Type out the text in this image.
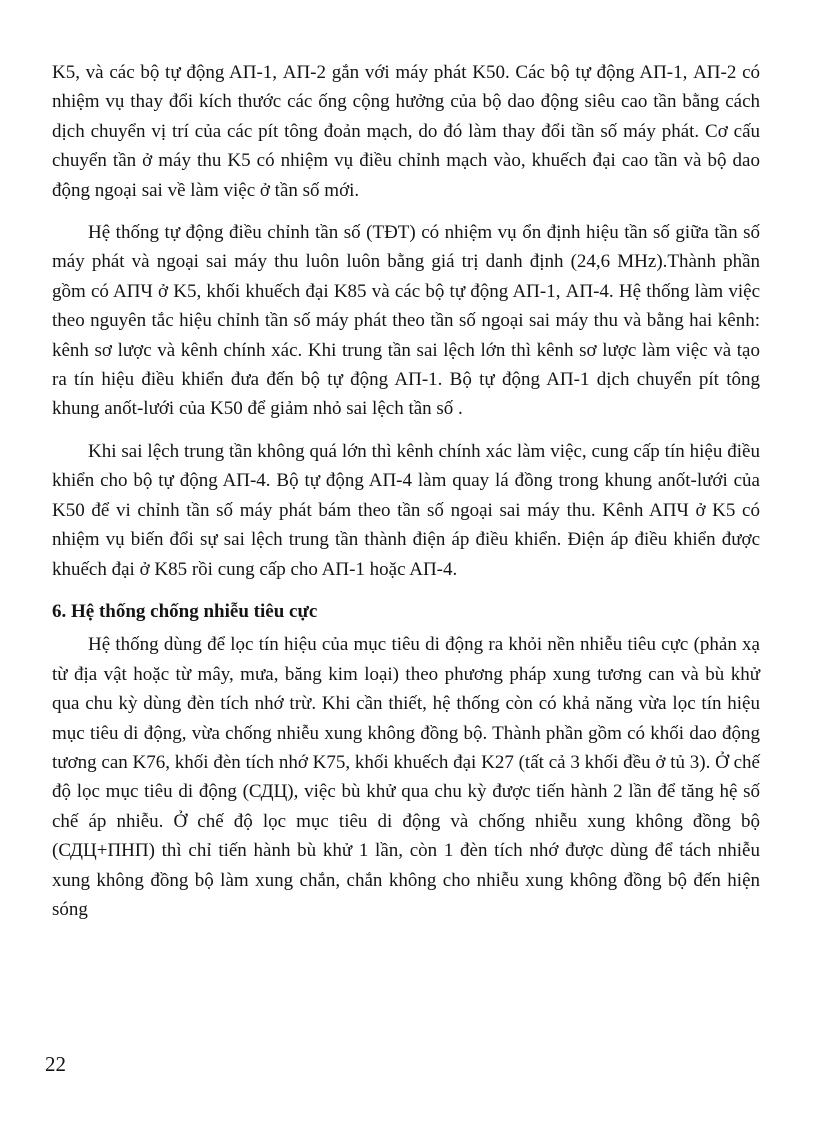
K5, và các bộ tự động AΠ-1, AΠ-2 gắn với máy phát K50. Các bộ tự động AΠ-1, AΠ-2 có nhiệm vụ thay đổi kích thước các ống cộng hưởng của bộ dao động siêu cao tần bằng cách dịch chuyển vị trí của các pít tông đoản mạch, do đó làm thay đổi tần số máy phát. Cơ cấu chuyển tần ở máy thu K5 có nhiệm vụ điều chỉnh mạch vào, khuếch đại cao tần và bộ dao động ngoại sai về làm việc ở tần số mới.

Hệ thống tự động điều chỉnh tần số (TĐT) có nhiệm vụ ổn định hiệu tần số giữa tần số máy phát và ngoại sai máy thu luôn luôn bằng giá trị danh định (24,6 MHz).Thành phần gồm có AΠЧ ở K5, khối khuếch đại K85 và các bộ tự động AΠ-1, AΠ-4. Hệ thống làm việc theo nguyên tắc hiệu chỉnh tần số máy phát theo tần số ngoại sai máy thu và bằng hai kênh: kênh sơ lược và kênh chính xác. Khi trung tần sai lệch lớn thì kênh sơ lược làm việc và tạo ra tín hiệu điều khiển đưa đến bộ tự động AΠ-1. Bộ tự động AΠ-1 dịch chuyển pít tông khung anốt-lưới của K50 để giảm nhỏ sai lệch tần số .

Khi sai lệch trung tần không quá lớn thì kênh chính xác làm việc, cung cấp tín hiệu điều khiển cho bộ tự động AΠ-4. Bộ tự động AΠ-4 làm quay lá đồng trong khung anốt-lưới của K50 để vi chỉnh tần số máy phát bám theo tần số ngoại sai máy thu. Kênh AΠЧ ở K5 có nhiệm vụ biến đổi sự sai lệch trung tần thành điện áp điều khiển. Điện áp điều khiển được khuếch đại ở K85 rồi cung cấp cho AΠ-1 hoặc AΠ-4.

6. Hệ thống chống nhiễu tiêu cực

Hệ thống dùng để lọc tín hiệu của mục tiêu di động ra khỏi nền nhiễu tiêu cực (phản xạ từ địa vật hoặc từ mây, mưa, băng kim loại) theo phương pháp xung tương can và bù khử qua chu kỳ dùng đèn tích nhớ trừ. Khi cần thiết, hệ thống còn có khả năng vừa lọc tín hiệu mục tiêu di động, vừa chống nhiễu xung không đồng bộ. Thành phần gồm có khối dao động tương can K76, khối đèn tích nhớ K75, khối khuếch đại K27 (tất cả 3 khối đều ở tủ 3). Ở chế độ lọc mục tiêu di động (СДЦ), việc bù khử qua chu kỳ được tiến hành 2 lần để tăng hệ số chế áp nhiễu. Ở chế độ lọc mục tiêu di động và chống nhiễu xung không đồng bộ (СДЦ+ПНП) thì chỉ tiến hành bù khử 1 lần, còn 1 đèn tích nhớ được dùng để tách nhiễu xung không đồng bộ làm xung chắn, chắn không cho nhiễu xung không đồng bộ đến hiện sóng

22
